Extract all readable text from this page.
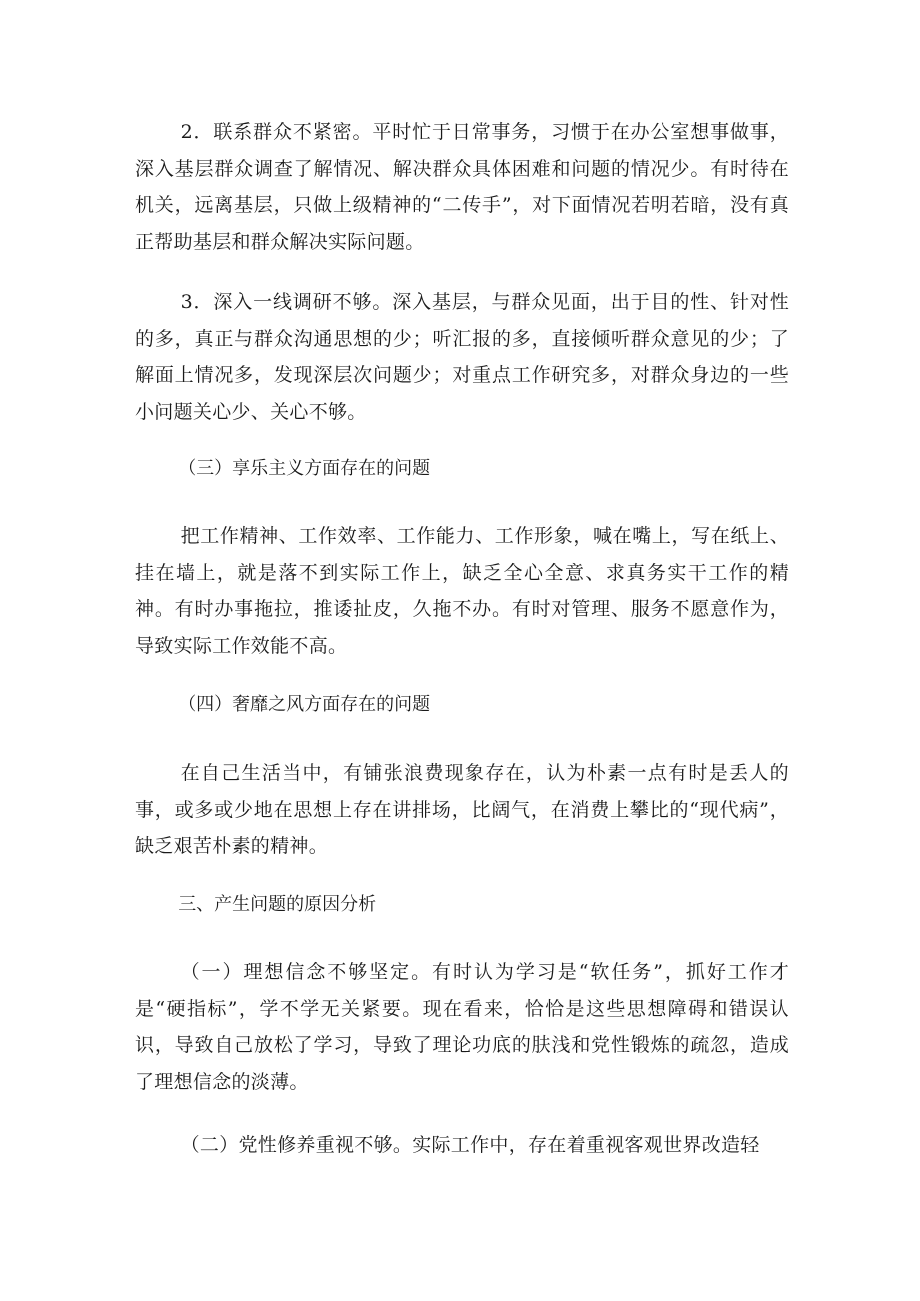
2．联系群众不紧密。平时忙于日常事务，习惯于在办公室想事做事，深入基层群众调查了解情况、解决群众具体困难和问题的情况少。有时待在机关，远离基层，只做上级精神的“二传手”，对下面情况若明若暗，没有真正帮助基层和群众解决实际问题。

3．深入一线调研不够。深入基层，与群众见面，出于目的性、针对性的多，真正与群众沟通思想的少；听汇报的多，直接倾听群众意见的少；了解面上情况多，发现深层次问题少；对重点工作研究多，对群众身边的一些小问题关心少、关心不够。

（三）享乐主义方面存在的问题

把工作精神、工作效率、工作能力、工作形象，喊在嘴上，写在纸上、挂在墙上，就是落不到实际工作上，缺乏全心全意、求真务实干工作的精神。有时办事拖拉，推诿扯皮，久拖不办。有时对管理、服务不愿意作为，导致实际工作效能不高。

（四）奢靡之风方面存在的问题

在自己生活当中，有铺张浪费现象存在，认为朴素一点有时是丢人的事，或多或少地在思想上存在讲排场，比阔气，在消费上攀比的“现代病”，缺乏艰苦朴素的精神。

三、产生问题的原因分析

（一）理想信念不够坚定。有时认为学习是“软任务”，抓好工作才是“硬指标”，学不学无关紧要。现在看来，恰恰是这些思想障碍和错误认识，导致自己放松了学习，导致了理论功底的肤浅和党性锻炼的疏忽，造成了理想信念的淡薄。

（二）党性修养重视不够。实际工作中，存在着重视客观世界改造轻
